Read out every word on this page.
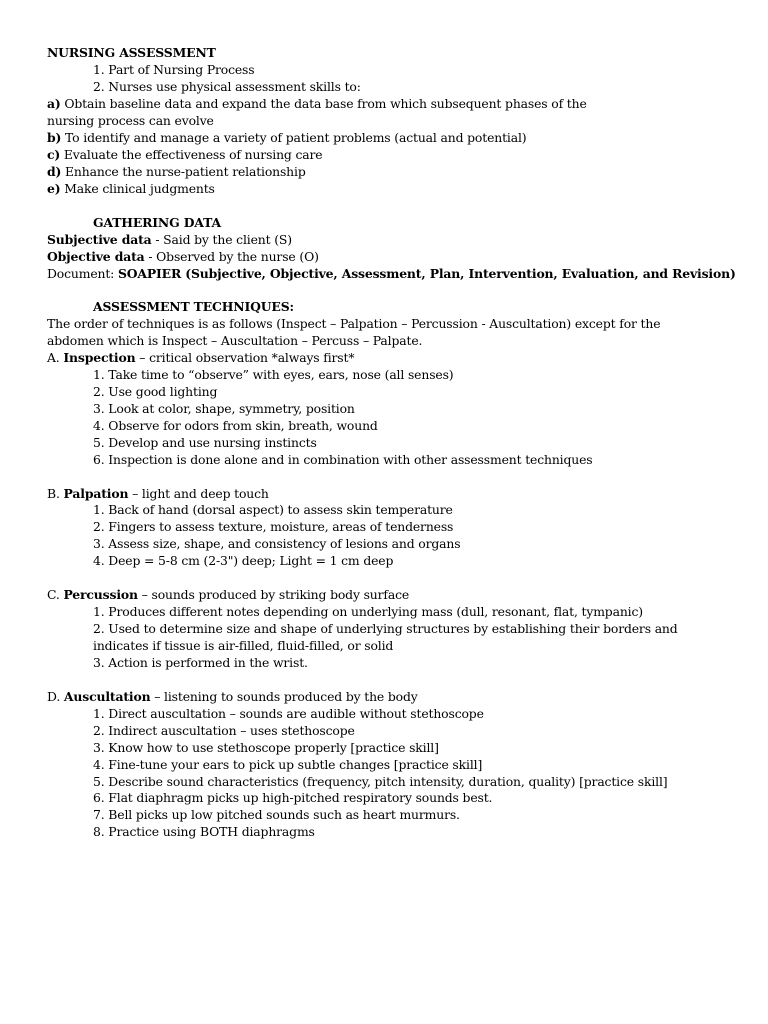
NURSING ASSESSMENT
1. Part of Nursing Process
2. Nurses use physical assessment skills to:
a) Obtain baseline data and expand the data base from which subsequent phases of the
nursing process can evolve
b) To identify and manage a variety of patient problems (actual and potential)
c) Evaluate the effectiveness of nursing care
d) Enhance the nurse-patient relationship
e) Make clinical judgments
GATHERING DATA
Subjective data - Said by the client (S)
Objective data - Observed by the nurse (O)
Document: SOAPIER (Subjective, Objective, Assessment, Plan, Intervention, Evaluation, and Revision)
ASSESSMENT TECHNIQUES:
The order of techniques is as follows (Inspect – Palpation – Percussion - Auscultation) except for the
abdomen which is Inspect – Auscultation – Percuss – Palpate.
A. Inspection – critical observation *always first*
1. Take time to “observe” with eyes, ears, nose (all senses)
2. Use good lighting
3. Look at color, shape, symmetry, position
4. Observe for odors from skin, breath, wound
5. Develop and use nursing instincts
6. Inspection is done alone and in combination with other assessment techniques
B. Palpation – light and deep touch
1. Back of hand (dorsal aspect) to assess skin temperature
2. Fingers to assess texture, moisture, areas of tenderness
3. Assess size, shape, and consistency of lesions and organs
4. Deep = 5-8 cm (2-3") deep; Light = 1 cm deep
C. Percussion – sounds produced by striking body surface
1. Produces different notes depending on underlying mass (dull, resonant, flat, tympanic)
2. Used to determine size and shape of underlying structures by establishing their borders and
indicates if tissue is air-filled, fluid-filled, or solid
3. Action is performed in the wrist.
D. Auscultation – listening to sounds produced by the body
1. Direct auscultation – sounds are audible without stethoscope
2. Indirect auscultation – uses stethoscope
3. Know how to use stethoscope properly [practice skill]
4. Fine-tune your ears to pick up subtle changes [practice skill]
5. Describe sound characteristics (frequency, pitch intensity, duration, quality) [practice skill]
6. Flat diaphragm picks up high-pitched respiratory sounds best.
7. Bell picks up low pitched sounds such as heart murmurs.
8. Practice using BOTH diaphragms
